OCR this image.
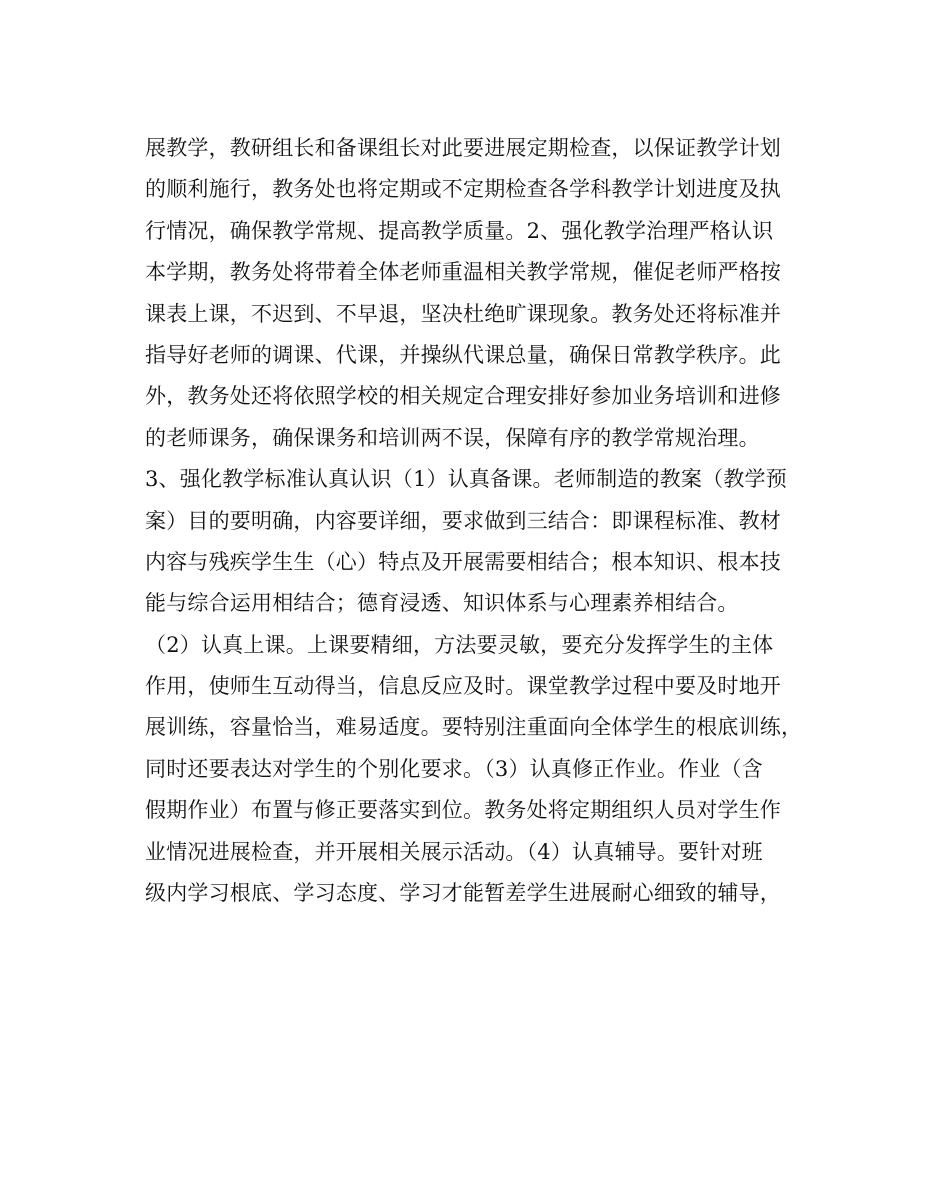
展教学，教研组长和备课组长对此要进展定期检查，以保证教学计划
的顺利施行，教务处也将定期或不定期检查各学科教学计划进度及执
行情况，确保教学常规、提高教学质量。2、强化教学治理严格认识
本学期，教务处将带着全体老师重温相关教学常规，催促老师严格按
课表上课，不迟到、不早退，坚决杜绝旷课现象。教务处还将标准并
指导好老师的调课、代课，并操纵代课总量，确保日常教学秩序。此
外，教务处还将依照学校的相关规定合理安排好参加业务培训和进修
的老师课务，确保课务和培训两不误，保障有序的教学常规治理。
3、强化教学标准认真认识（1）认真备课。老师制造的教案（教学预
案）目的要明确，内容要详细，要求做到三结合：即课程标准、教材
内容与残疾学生生（心）特点及开展需要相结合；根本知识、根本技
能与综合运用相结合；德育浸透、知识体系与心理素养相结合。
（2）认真上课。上课要精细，方法要灵敏，要充分发挥学生的主体
作用，使师生互动得当，信息反应及时。课堂教学过程中要及时地开
展训练，容量恰当，难易适度。要特别注重面向全体学生的根底训练，
同时还要表达对学生的个别化要求。（3）认真修正作业。作业（含
假期作业）布置与修正要落实到位。教务处将定期组织人员对学生作
业情况进展检查，并开展相关展示活动。（4）认真辅导。要针对班
级内学习根底、学习态度、学习才能暂差学生进展耐心细致的辅导，
